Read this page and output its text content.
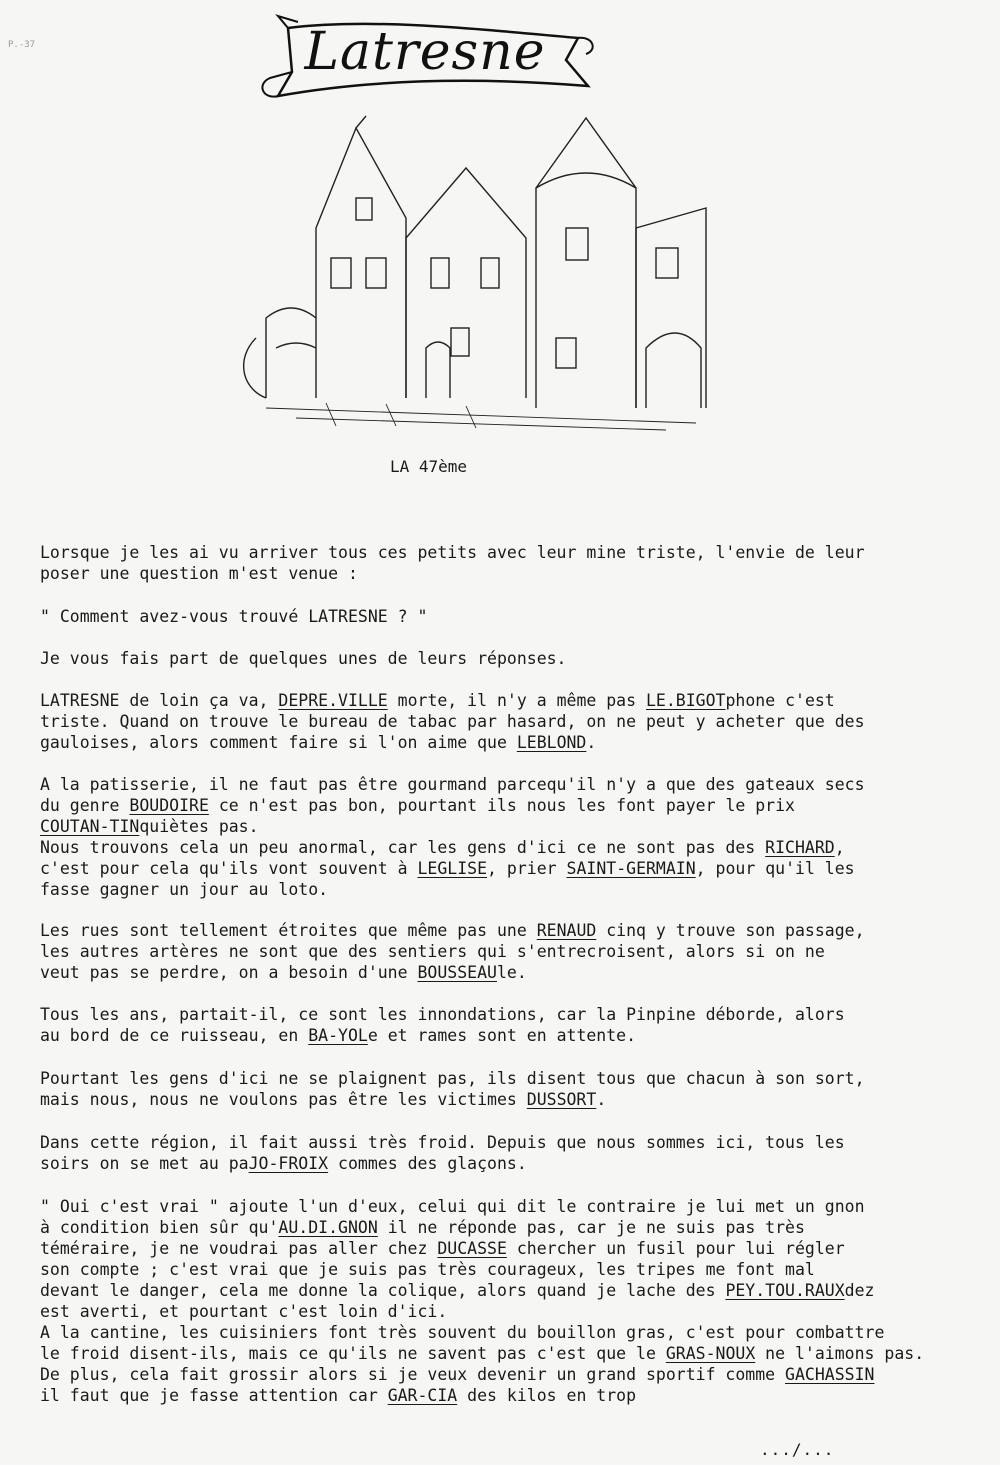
P.-37	Latresne
LA 47ème
Lorsque je les ai vu arriver tous ces petits avec leur mine triste, l'envie de leur
poser une question m'est venue :
" Comment avez-vous trouvé LATRESNE ? "
Je vous fais part de quelques unes de leurs réponses.
LATRESNE de loin ça va, DEPRE.VILLE morte, il n'y a même pas LE.BIGOTphone c'est
triste. Quand on trouve le bureau de tabac par hasard, on ne peut y acheter que des
gauloises, alors comment faire si l'on aime que LEBLOND.
A la patisserie, il ne faut pas être gourmand parcequ'il n'y a que des gateaux secs
du genre BOUDOIRE ce n'est pas bon, pourtant ils nous les font payer le prix
COUTAN-TINquiètes pas.
Nous trouvons cela un peu anormal, car les gens d'ici ce ne sont pas des RICHARD,
c'est pour cela qu'ils vont souvent à LEGLISE, prier SAINT-GERMAIN, pour qu'il les
fasse gagner un jour au loto.
Les rues sont tellement étroites que même pas une RENAUD cinq y trouve son passage,
les autres artères ne sont que des sentiers qui s'entrecroisent, alors si on ne
veut pas se perdre, on a besoin d'une BOUSSEAUle.
Tous les ans, partait-il, ce sont les innondations, car la Pinpine déborde, alors
au bord de ce ruisseau, en BA-YOLe et rames sont en attente.
Pourtant les gens d'ici ne se plaignent pas, ils disent tous que chacun à son sort,
mais nous, nous ne voulons pas être les victimes DUSSORT.
Dans cette région, il fait aussi très froid. Depuis que nous sommes ici, tous les
soirs on se met au paJO-FROIX commes des glaçons.
" Oui c'est vrai " ajoute l'un d'eux, celui qui dit le contraire je lui met un gnon
à condition bien sûr qu'AU.DI.GNON il ne réponde pas, car je ne suis pas très
téméraire, je ne voudrai pas aller chez DUCASSE chercher un fusil pour lui régler
son compte ; c'est vrai que je suis pas très courageux, les tripes me font mal
devant le danger, cela me donne la colique, alors quand je lache des PEY.TOU.RAUXdez
est averti, et pourtant c'est loin d'ici.
A la cantine, les cuisiniers font très souvent du bouillon gras, c'est pour combattre
le froid disent-ils, mais ce qu'ils ne savent pas c'est que le GRAS-NOUX ne l'aimons pas.
De plus, cela fait grossir alors si je veux devenir un grand sportif comme GACHASSIN
il faut que je fasse attention car GAR-CIA des kilos en trop
.../...
